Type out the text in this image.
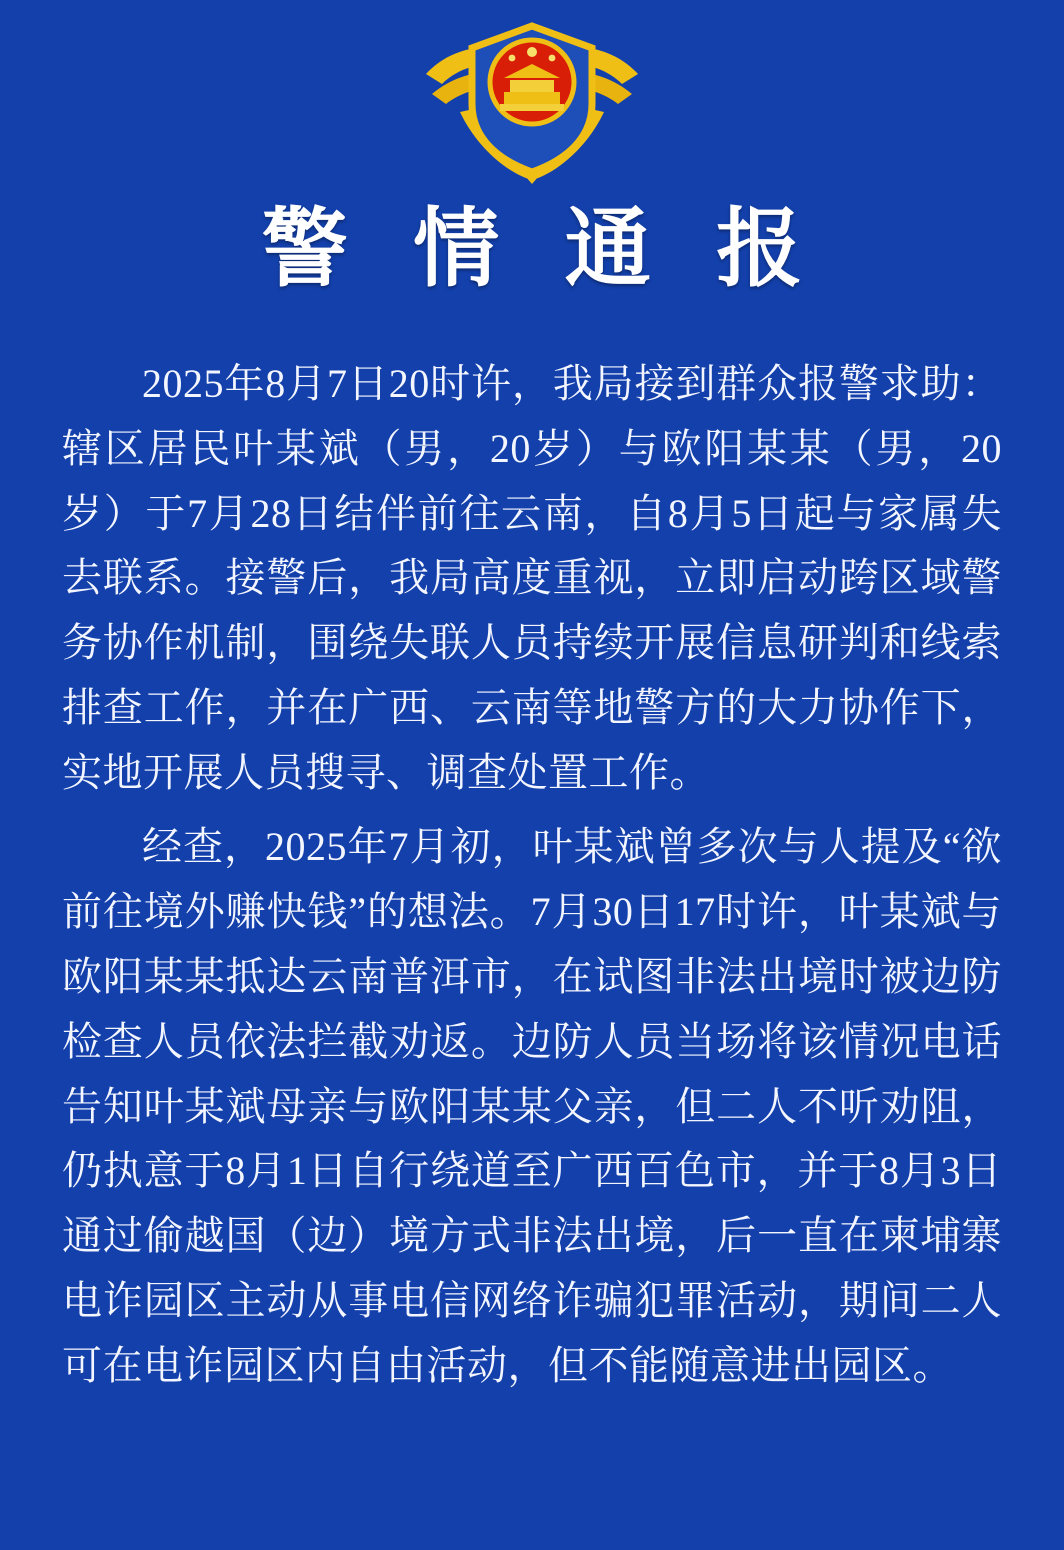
警 情 通 报

2025年8月7日20时许，我局接到群众报警求助：辖区居民叶某斌（男，20岁）与欧阳某某（男，20岁）于7月28日结伴前往云南，自8月5日起与家属失去联系。接警后，我局高度重视，立即启动跨区域警务协作机制，围绕失联人员持续开展信息研判和线索排查工作，并在广西、云南等地警方的大力协作下，实地开展人员搜寻、调查处置工作。

经查，2025年7月初，叶某斌曾多次与人提及“欲前往境外赚快钱”的想法。7月30日17时许，叶某斌与欧阳某某抵达云南普洱市，在试图非法出境时被边防检查人员依法拦截劝返。边防人员当场将该情况电话告知叶某斌母亲与欧阳某某父亲，但二人不听劝阻，仍执意于8月1日自行绕道至广西百色市，并于8月3日通过偷越国（边）境方式非法出境，后一直在柬埔寨电诈园区主动从事电信网络诈骗犯罪活动，期间二人可在电诈园区内自由活动，但不能随意进出园区。
